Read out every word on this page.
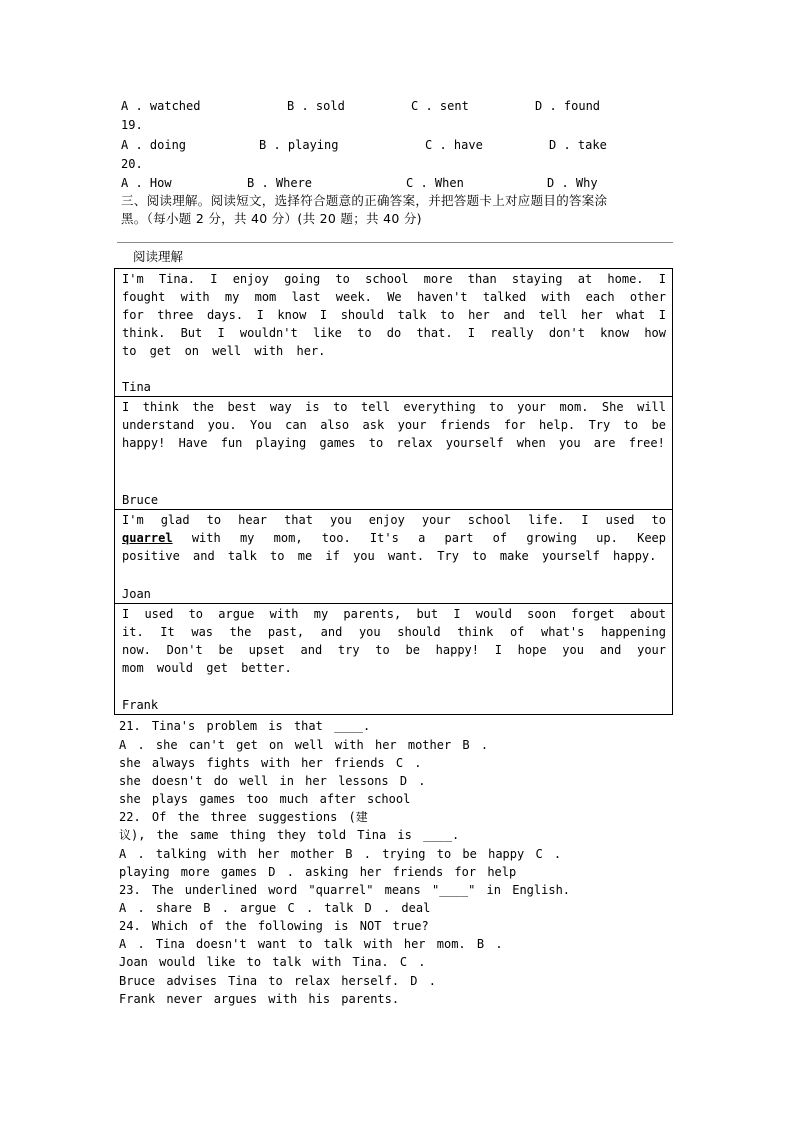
A . watched	B . sold	C . sent	D . found
19.
A . doing	B . playing	C . have	D . take
20.
A . How	B . Where	C . When	D . Why
三、阅读理解。阅读短文，选择符合题意的正确答案，并把答题卡上对应题目的答案涂
黑。（每小题 2 分，共 40 分）(共 20 题；共 40 分)
阅读理解
I'm Tina. I enjoy going to school more than staying at home. I fought with my mom last week. We haven't talked with each other for three days. I know I should talk to her and tell her what I think. But I wouldn't like to do that. I really don't know how to get on well with her.
Tina
I think the best way is to tell everything to your mom. She will understand you. You can also ask your friends for help. Try to be happy! Have fun playing games to relax yourself when you are free!
Bruce
I'm glad to hear that you enjoy your school life. I used to quarrel with my mom, too. It's a part of growing up. Keep positive and talk to me if you want. Try to make yourself happy.
Joan
I used to argue with my parents, but I would soon forget about it. It was the past, and you should think of what's happening now. Don't be upset and try to be happy! I hope you and your mom would get better.
Frank
21. Tina's problem is that ____.
A . she can't get on well with her mother B .
she always fights with her friends C .
she doesn't do well in her lessons D .
she plays games too much after school
22. Of the three suggestions (建
议), the same thing they told Tina is ____.
A . talking with her mother B . trying to be happy C .
playing more games D . asking her friends for help
23. The underlined word "quarrel" means "____" in English.
A . share B . argue C . talk D . deal
24. Which of the following is NOT true?
A . Tina doesn't want to talk with her mom. B .
Joan would like to talk with Tina. C .
Bruce advises Tina to relax herself. D .
Frank never argues with his parents.
